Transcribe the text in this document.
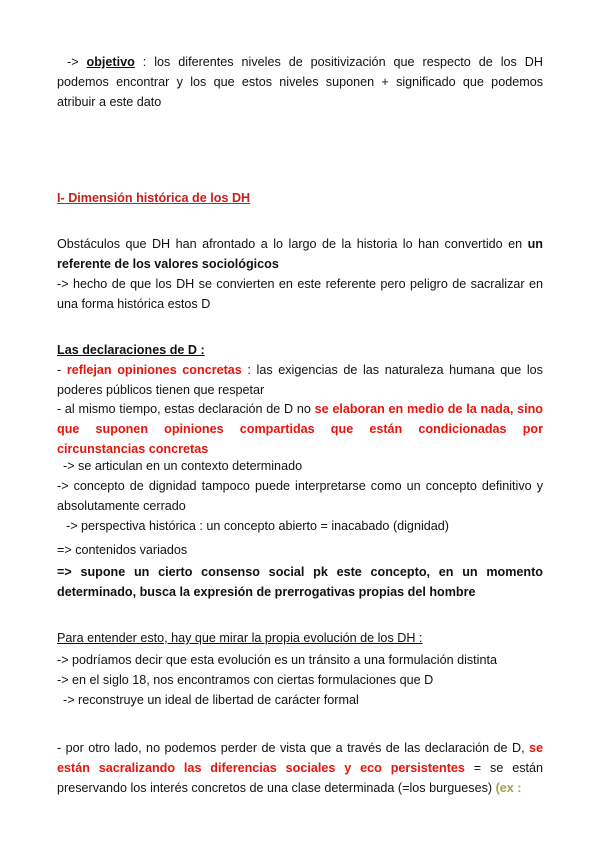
-> objetivo : los diferentes niveles de positivización que respecto de los DH podemos encontrar y los que estos niveles suponen + significado que podemos atribuir a este dato

I- Dimensión histórica de los DH

Obstáculos que DH han afrontado a lo largo de la historia lo han convertido en un referente de los valores sociológicos

-> hecho de que los DH se convierten en este referente pero peligro de sacralizar en una forma histórica estos D

Las declaraciones de D :

- reflejan opiniones concretas : las exigencias de las naturaleza humana que los poderes públicos tienen que respetar

- al mismo tiempo, estas declaración de D no se elaboran en medio de la nada, sino que suponen opiniones compartidas que están condicionadas por circunstancias concretas

-> se articulan en un contexto determinado

-> concepto de dignidad tampoco puede interpretarse como un concepto definitivo y absolutamente cerrado

-> perspectiva histórica : un concepto abierto = inacabado (dignidad)

=> contenidos variados

=> supone un cierto consenso social pk este concepto, en un momento determinado, busca la expresión de prerrogativas propias del hombre

Para entender esto, hay que mirar la propia evolución de los DH :

-> podríamos decir que esta evolución es un tránsito a una formulación distinta

-> en el siglo 18, nos encontramos con ciertas formulaciones que D

-> reconstruye un ideal de libertad de carácter formal

- por otro lado, no podemos perder de vista que a través de las declaración de D, se están sacralizando las diferencias sociales y eco persistentes = se están preservando los interés concretos de una clase determinada (=los burgueses) (ex :
